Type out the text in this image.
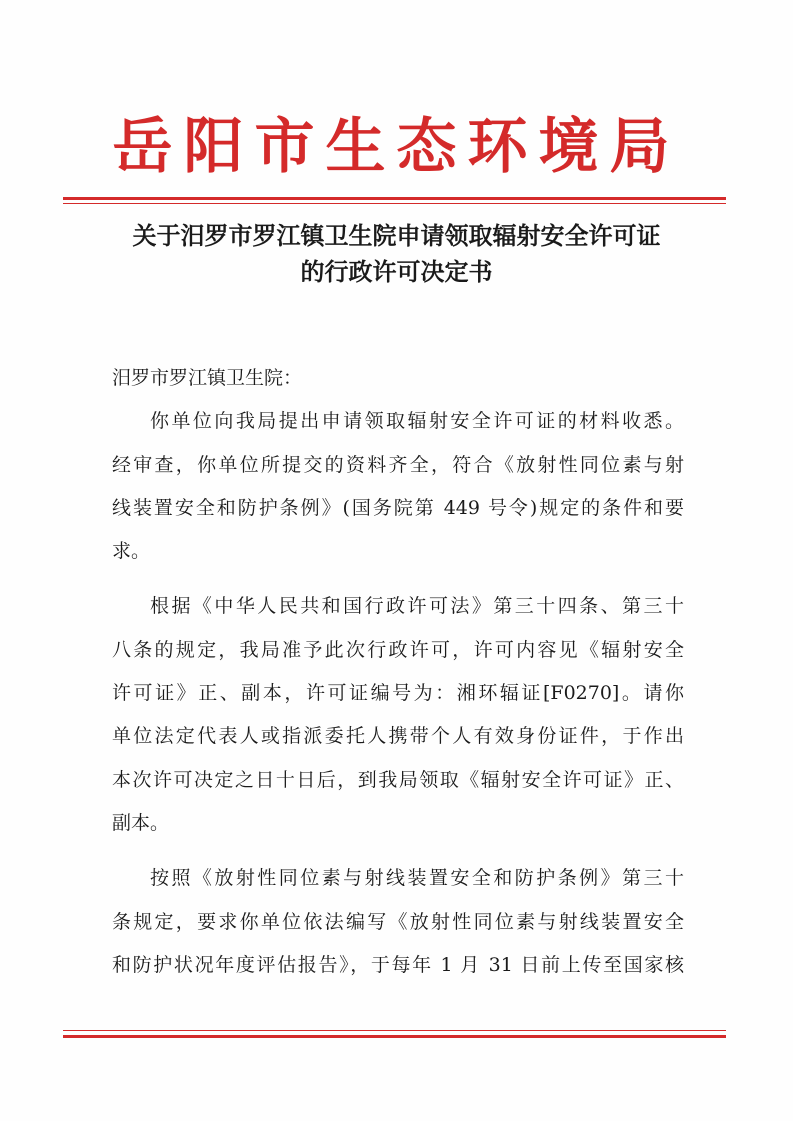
岳阳市生态环境局
关于汨罗市罗江镇卫生院申请领取辐射安全许可证
的行政许可决定书
汨罗市罗江镇卫生院：
你单位向我局提出申请领取辐射安全许可证的材料收悉。
经审查，你单位所提交的资料齐全，符合《放射性同位素与射
线装置安全和防护条例》(国务院第 449 号令)规定的条件和要
求。
根据《中华人民共和国行政许可法》第三十四条、第三十
八条的规定，我局准予此次行政许可，许可内容见《辐射安全
许可证》正、副本，许可证编号为：湘环辐证[F0270]。请你
单位法定代表人或指派委托人携带个人有效身份证件，于作出
本次许可决定之日十日后，到我局领取《辐射安全许可证》正、
副本。
按照《放射性同位素与射线装置安全和防护条例》第三十
条规定，要求你单位依法编写《放射性同位素与射线装置安全
和防护状况年度评估报告》，于每年 1 月 31 日前上传至国家核
